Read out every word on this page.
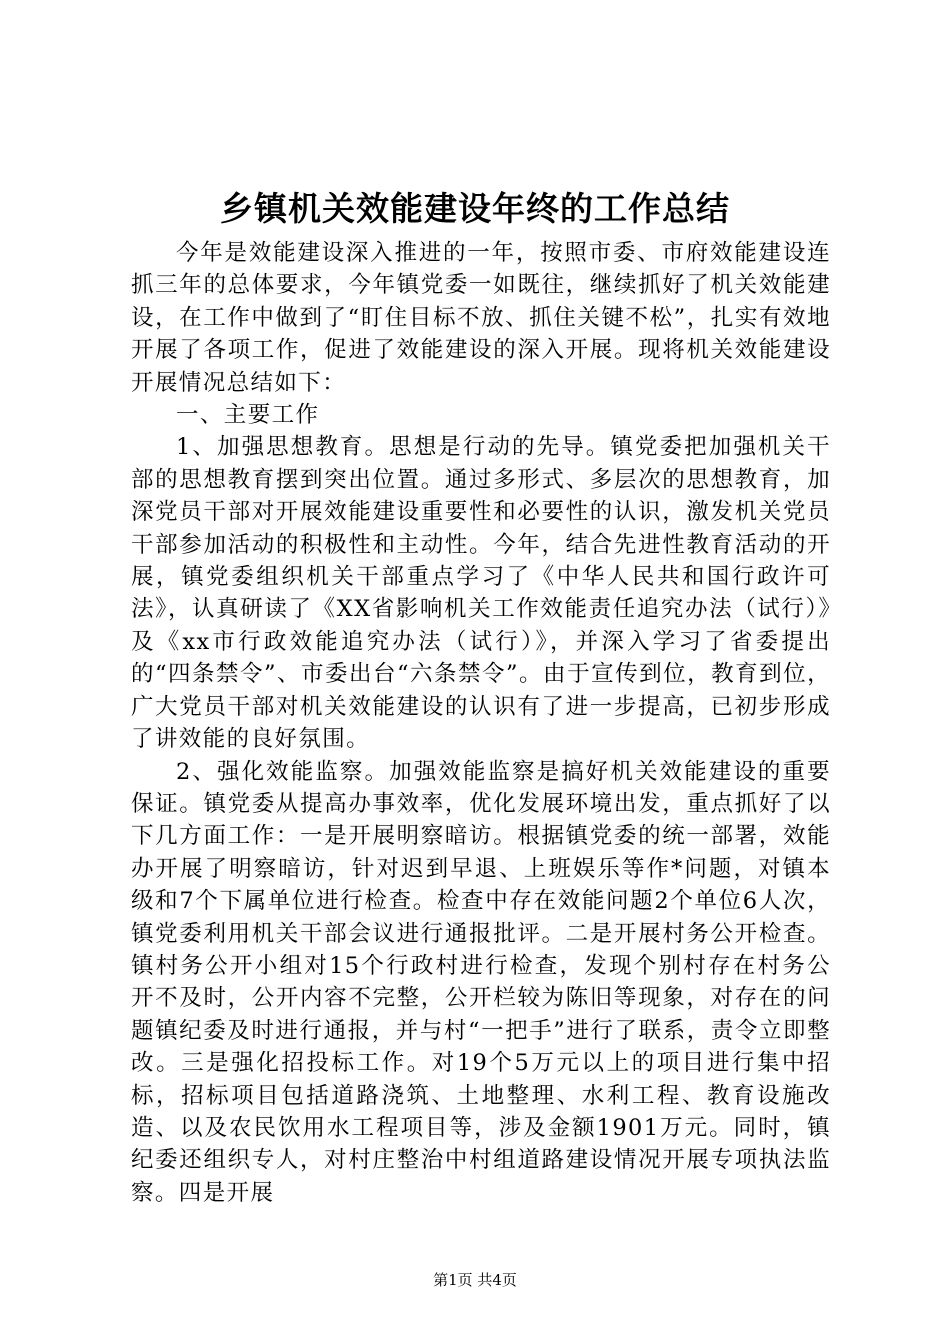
乡镇机关效能建设年终的工作总结

今年是效能建设深入推进的一年，按照市委、市府效能建设连抓三年的总体要求，今年镇党委一如既往，继续抓好了机关效能建设，在工作中做到了“盯住目标不放、抓住关键不松”，扎实有效地开展了各项工作，促进了效能建设的深入开展。现将机关效能建设开展情况总结如下：

一、主要工作

1、加强思想教育。思想是行动的先导。镇党委把加强机关干部的思想教育摆到突出位置。通过多形式、多层次的思想教育，加深党员干部对开展效能建设重要性和必要性的认识，激发机关党员干部参加活动的积极性和主动性。今年，结合先进性教育活动的开展，镇党委组织机关干部重点学习了《中华人民共和国行政许可法》，认真研读了《XX省影响机关工作效能责任追究办法（试行）》及《xx市行政效能追究办法（试行）》，并深入学习了省委提出的“四条禁令”、市委出台“六条禁令”。由于宣传到位，教育到位，广大党员干部对机关效能建设的认识有了进一步提高，已初步形成了讲效能的良好氛围。

2、强化效能监察。加强效能监察是搞好机关效能建设的重要保证。镇党委从提高办事效率，优化发展环境出发，重点抓好了以下几方面工作：一是开展明察暗访。根据镇党委的统一部署，效能办开展了明察暗访，针对迟到早退、上班娱乐等作*问题，对镇本级和7个下属单位进行检查。检查中存在效能问题2个单位6人次，镇党委利用机关干部会议进行通报批评。二是开展村务公开检查。镇村务公开小组对15个行政村进行检查，发现个别村存在村务公开不及时，公开内容不完整，公开栏较为陈旧等现象，对存在的问题镇纪委及时进行通报，并与村“一把手”进行了联系，责令立即整改。三是强化招投标工作。对19个5万元以上的项目进行集中招标，招标项目包括道路浇筑、土地整理、水利工程、教育设施改造、以及农民饮用水工程项目等，涉及金额1901万元。同时，镇纪委还组织专人，对村庄整治中村组道路建设情况开展专项执法监察。四是开展

第1页 共4页
